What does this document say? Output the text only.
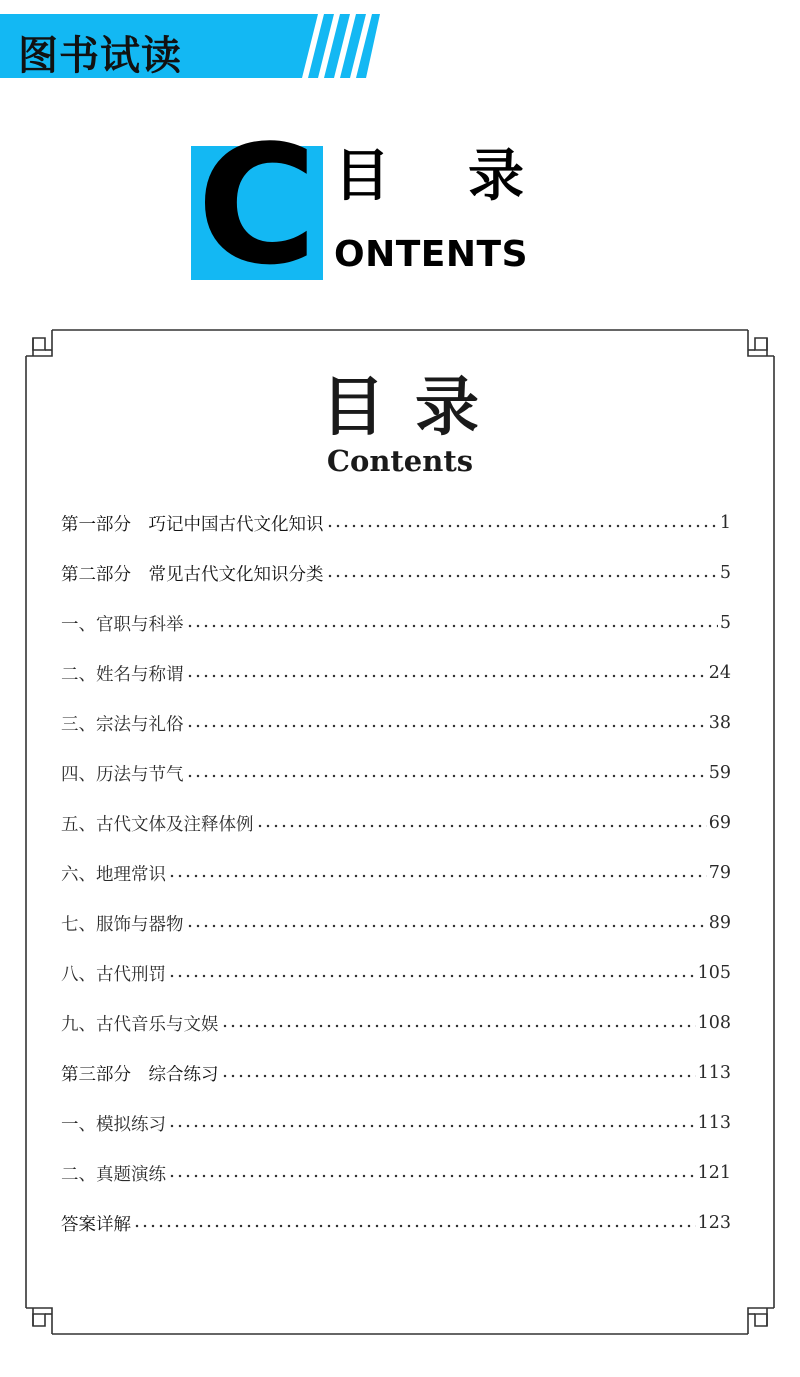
图书试读
C 目 录
ONTENTS
目录
Contents
第一部分　巧记中国古代文化知识	1
第二部分　常见古代文化知识分类	5
一、官职与科举	5
二、姓名与称谓	24
三、宗法与礼俗	38
四、历法与节气	59
五、古代文体及注释体例	69
六、地理常识	79
七、服饰与器物	89
八、古代刑罚	105
九、古代音乐与文娱	108
第三部分　综合练习	113
一、模拟练习	113
二、真题演练	121
答案详解	123
